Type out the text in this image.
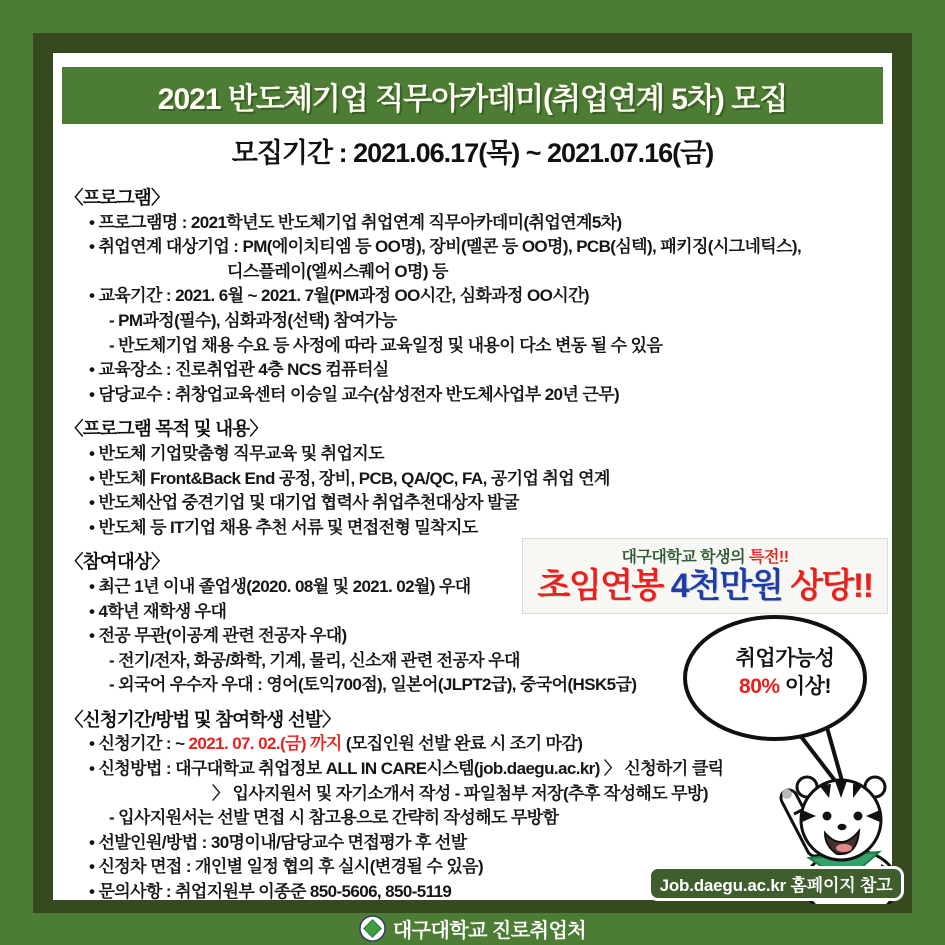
2021 반도체기업 직무아카데미(취업연계 5차) 모집
모집기간 : 2021.06.17(목) ~ 2021.07.16(금)
〈프로그램〉
• 프로그램명 : 2021학년도 반도체기업 취업연계 직무아카데미(취업연계5차)
• 취업연계 대상기업 : PM(에이치티엠 등 OO명), 장비(멜콘 등 OO명), PCB(심텍), 패키징(시그네틱스),
디스플레이(엘씨스퀘어 O명) 등
• 교육기간 : 2021. 6월 ~ 2021. 7월(PM과정 OO시간, 심화과정 OO시간)
- PM과정(필수), 심화과정(선택) 참여가능
- 반도체기업 채용 수요 등 사정에 따라 교육일정 및 내용이 다소 변동 될 수 있음
• 교육장소 : 진로취업관 4층 NCS 컴퓨터실
• 담당교수 : 취창업교육센터 이승일 교수(삼성전자 반도체사업부 20년 근무)
〈프로그램 목적 및 내용〉
• 반도체 기업맞춤형 직무교육 및 취업지도
• 반도체 Front&Back End 공정, 장비, PCB, QA/QC, FA, 공기업 취업 연계
• 반도체산업 중견기업 및 대기업 협력사 취업추천대상자 발굴
• 반도체 등 IT기업 채용 추천 서류 및 면접전형 밀착지도
〈참여대상〉
• 최근 1년 이내 졸업생(2020. 08월 및 2021. 02월) 우대
• 4학년 재학생 우대
• 전공 무관(이공계 관련 전공자 우대)
- 전기/전자, 화공/화학, 기계, 물리, 신소재 관련 전공자 우대
- 외국어 우수자 우대 : 영어(토익700점), 일본어(JLPT2급), 중국어(HSK5급)
〈신청기간/방법 및 참여학생 선발〉
• 신청기간 : ~ 2021. 07. 02.(금) 까지 (모집인원 선발 완료 시 조기 마감)
• 신청방법 : 대구대학교 취업정보 ALL IN CARE시스템(job.daegu.ac.kr) 〉 신청하기 클릭
〉 입사지원서 및 자기소개서 작성 - 파일첨부 저장(추후 작성해도 무방)
- 입사지원서는 선발 면접 시 참고용으로 간략히 작성해도 무방함
• 선발인원/방법 : 30명이내/담당교수 면접평가 후 선발
• 신정차 면접 : 개인별 일정 협의 후 실시(변경될 수 있음)
• 문의사항 : 취업지원부 이종준 850-5606, 850-5119
대구대학교 학생의 특전!!
초임연봉 4천만원 상당!!
취업가능성
80% 이상!
Job.daegu.ac.kr 홈페이지 참고
대구대학교 진로취업처
